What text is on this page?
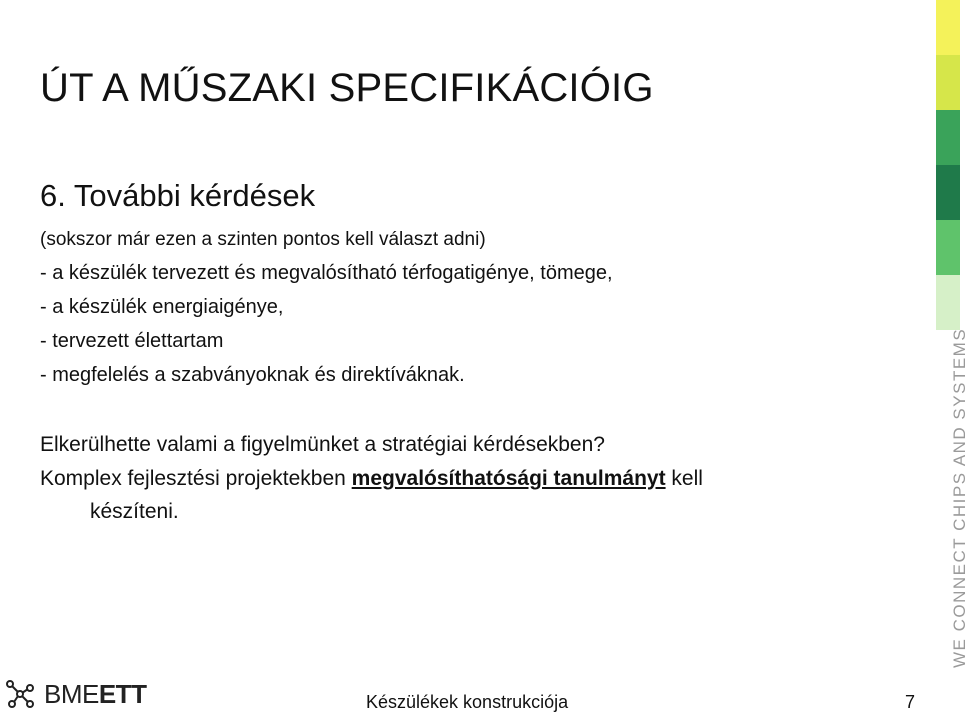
ÚT A MŰSZAKI SPECIFIKÁCIÓIG
6. További kérdések
(sokszor már ezen a szinten pontos kell választ adni)
- a készülék tervezett és megvalósítható térfogatigénye, tömege,
- a készülék energiaigénye,
- tervezett élettartam
- megfelelés a szabványoknak és direktíváknak.
Elkerülhette valami a figyelmünket a stratégiai kérdésekben?
Komplex fejlesztési projektekben megvalósíthatósági tanulmányt kell
készíteni.	WE CONNECT CHIPS AND SYSTEMS
BMEETT	Készülékek konstrukciója	7
